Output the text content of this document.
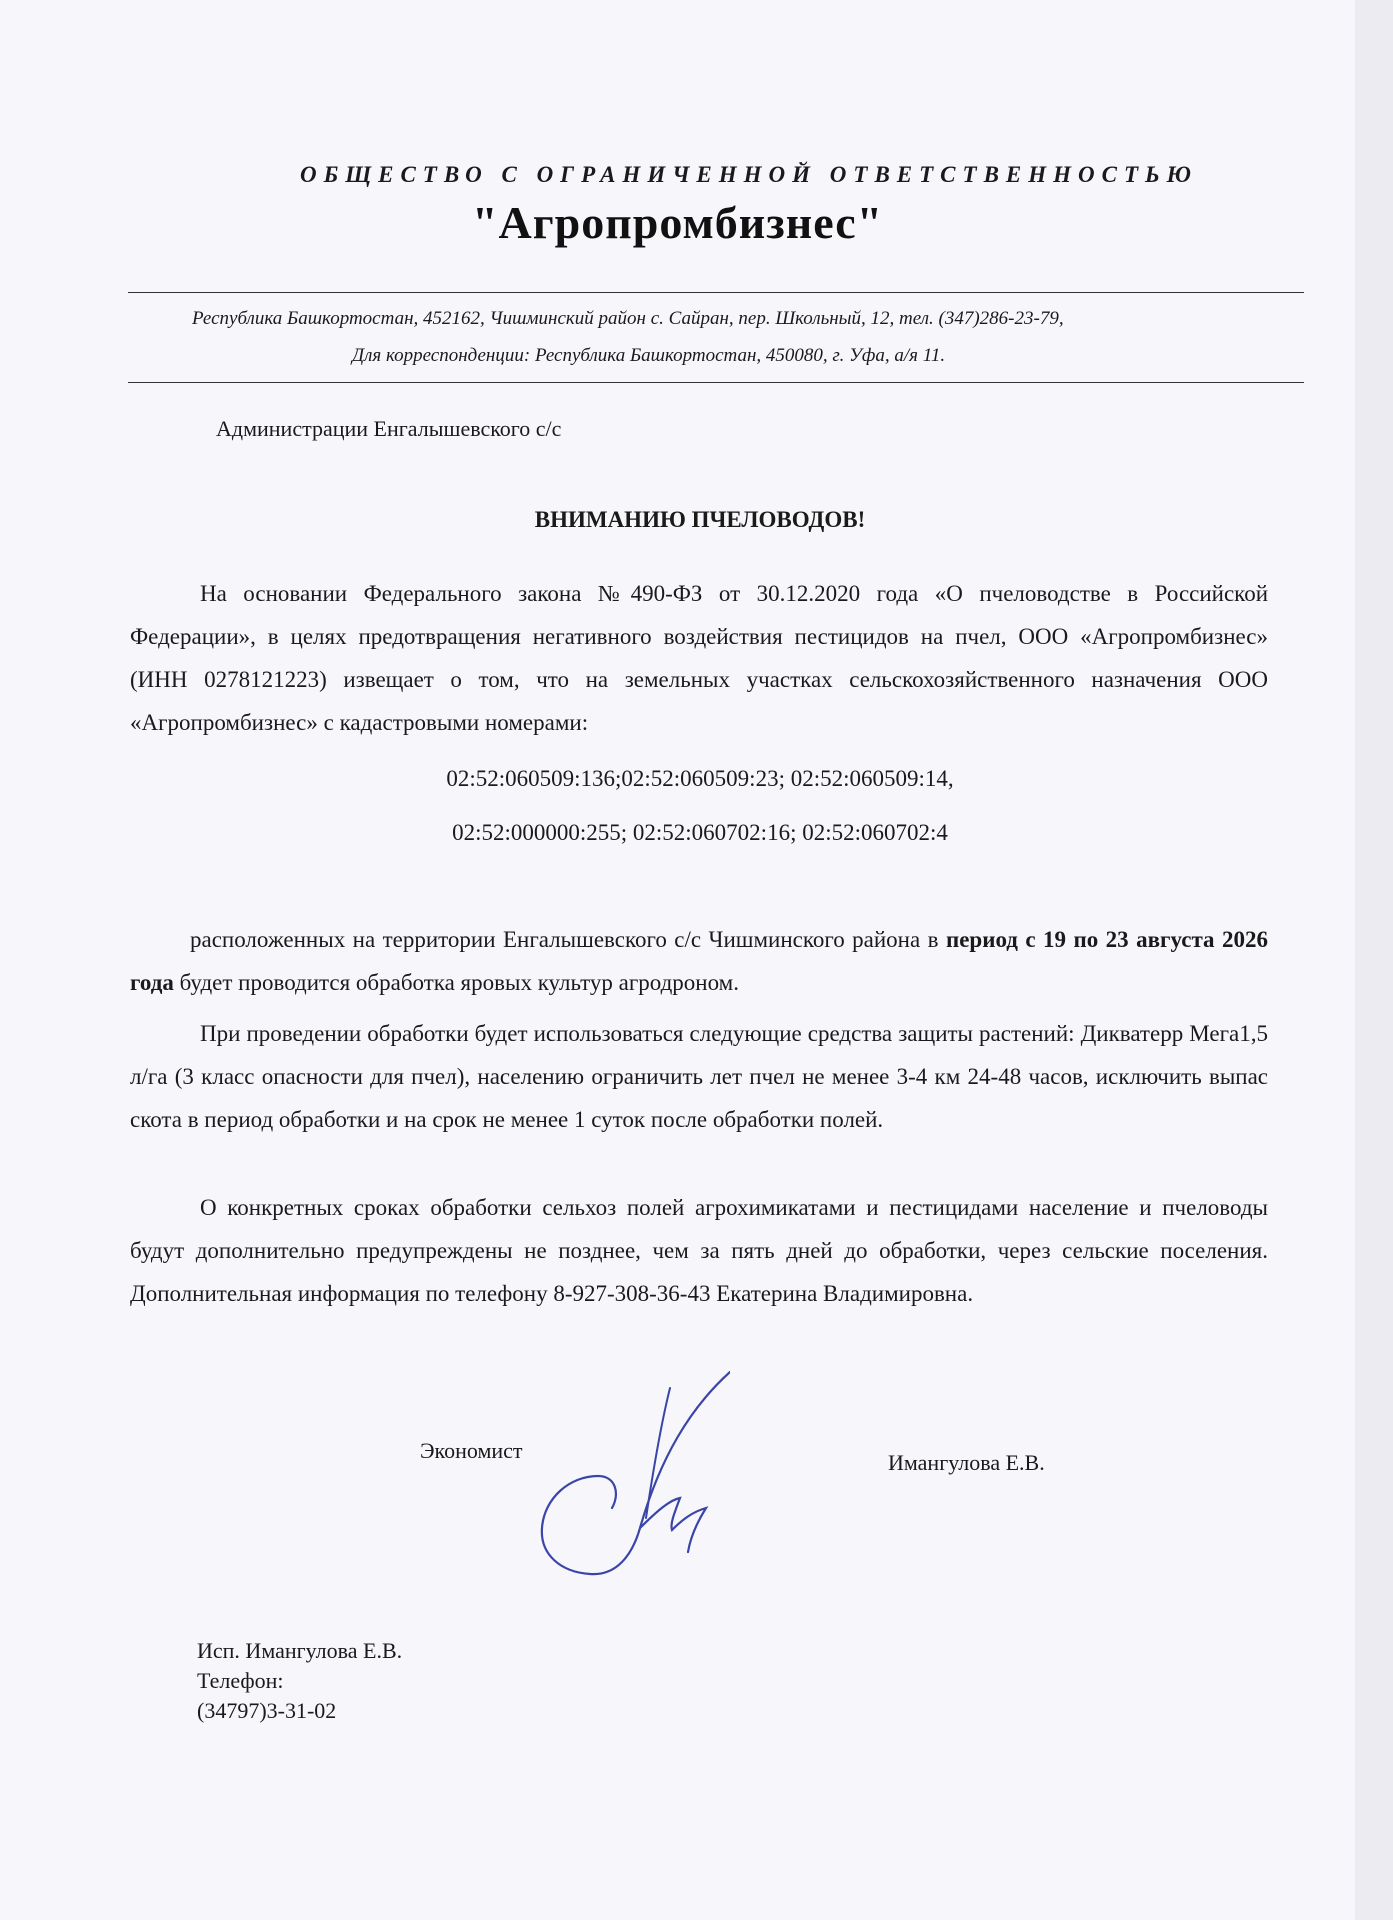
ОБЩЕСТВО С ОГРАНИЧЕННОЙ ОТВЕТСТВЕННОСТЬЮ
"Агропромбизнес"
Республика Башкортостан, 452162, Чишминский район с. Сайран, пер. Школьный, 12, тел. (347)286-23-79,
Для корреспонденции: Республика Башкортостан, 450080, г. Уфа, а/я 11.
Администрации Енгалышевского с/с
ВНИМАНИЮ ПЧЕЛОВОДОВ!
На основании Федерального закона №490-ФЗ от 30.12.2020 года «О пчеловодстве в Российской Федерации», в целях предотвращения негативного воздействия пестицидов на пчел, ООО «Агропромбизнес» (ИНН 0278121223) извещает о том, что на земельных участках сельскохозяйственного назначения ООО «Агропромбизнес» с кадастровыми номерами:
02:52:060509:136;02:52:060509:23; 02:52:060509:14,
02:52:000000:255; 02:52:060702:16; 02:52:060702:4
расположенных на территории Енгалышевского с/с Чишминского района в период с 19 по 23 августа 2026 года будет проводится обработка яровых культур агродроном.
При проведении обработки будет использоваться следующие средства защиты растений: Дикватерр Мега1,5 л/га (3 класс опасности для пчел), населению ограничить лет пчел не менее 3-4 км 24-48 часов, исключить выпас скота в период обработки и на срок не менее 1 суток после обработки полей.
О конкретных сроках обработки сельхоз полей агрохимикатами и пестицидами население и пчеловоды будут дополнительно предупреждены не позднее, чем за пять дней до обработки, через сельские поселения. Дополнительная информация по телефону 8-927-308-36-43 Екатерина Владимировна.
Экономист	Имангулова Е.В.
Исп. Имангулова Е.В.
Телефон:
(34797)3-31-02
